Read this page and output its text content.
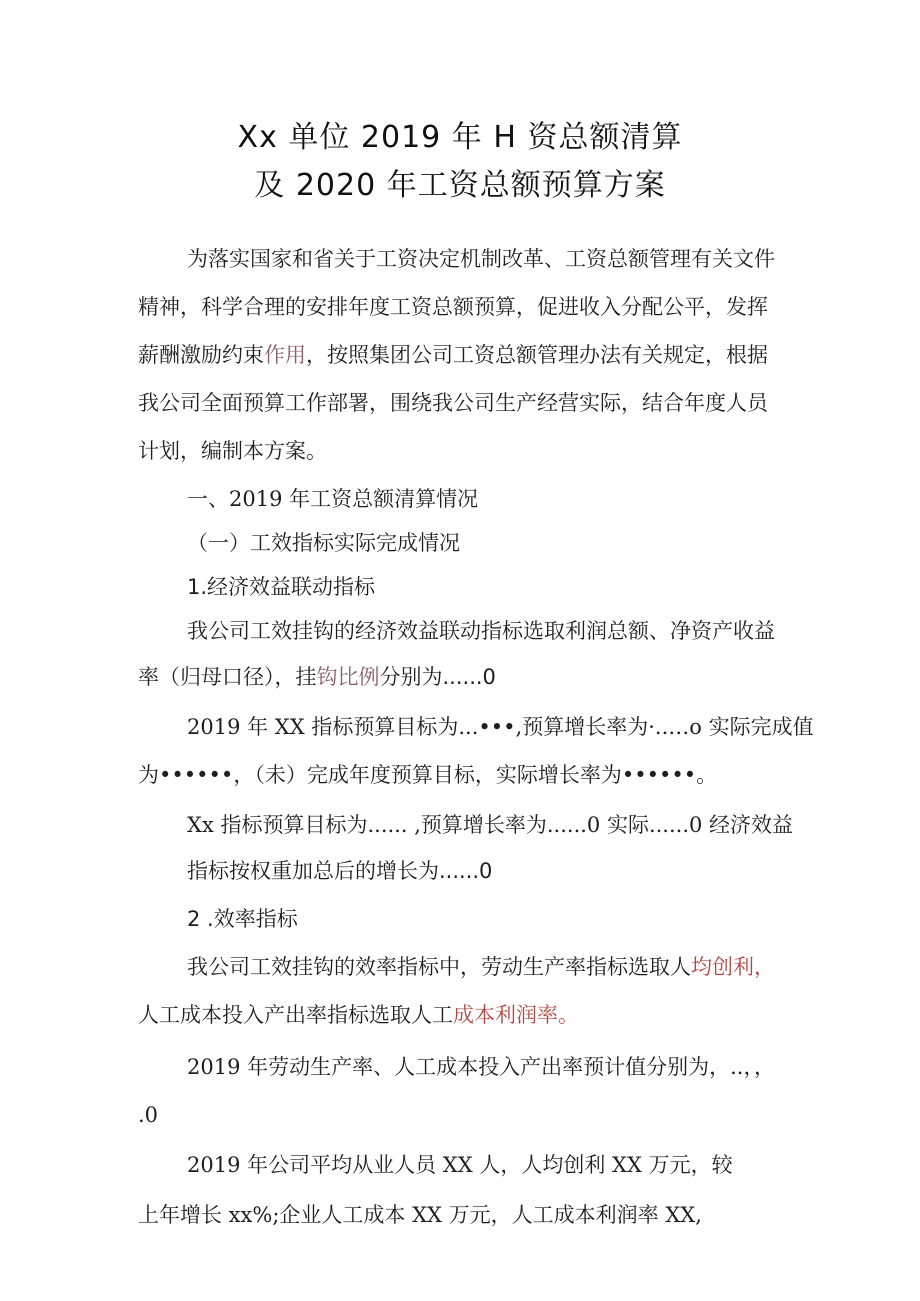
Xx 单位 2019 年 H 资总额清算
及 2020 年工资总额预算方案
为落实国家和省关于工资决定机制改革、工资总额管理有关文件
精神，科学合理的安排年度工资总额预算，促进收入分配公平，发挥
薪酬激励约束作用，按照集团公司工资总额管理办法有关规定，根据
我公司全面预算工作部署，围绕我公司生产经营实际，结合年度人员
计划，编制本方案。
一、2019 年工资总额清算情况
（一）工效指标实际完成情况
1.经济效益联动指标
我公司工效挂钩的经济效益联动指标选取利润总额、净资产收益
率（归母口径），挂钩比例分别为......0
2019 年 XX 指标预算目标为...•••,预算增长率为·..…o 实际完成值
为••••••，（未）完成年度预算目标，实际增长率为••••••。
Xx 指标预算目标为...... ,预算增长率为......0 实际......0 经济效益
指标按权重加总后的增长为......0
2 .效率指标
我公司工效挂钩的效率指标中，劳动生产率指标选取人均创利，
人工成本投入产出率指标选取人工成本利润率。
2019 年劳动生产率、人工成本投入产出率预计值分别为，..，，
.0
2019 年公司平均从业人员 XX 人，人均创利 XX 万元，较
上年增长 xx%;企业人工成本 XX 万元，人工成本利润率 XX,
